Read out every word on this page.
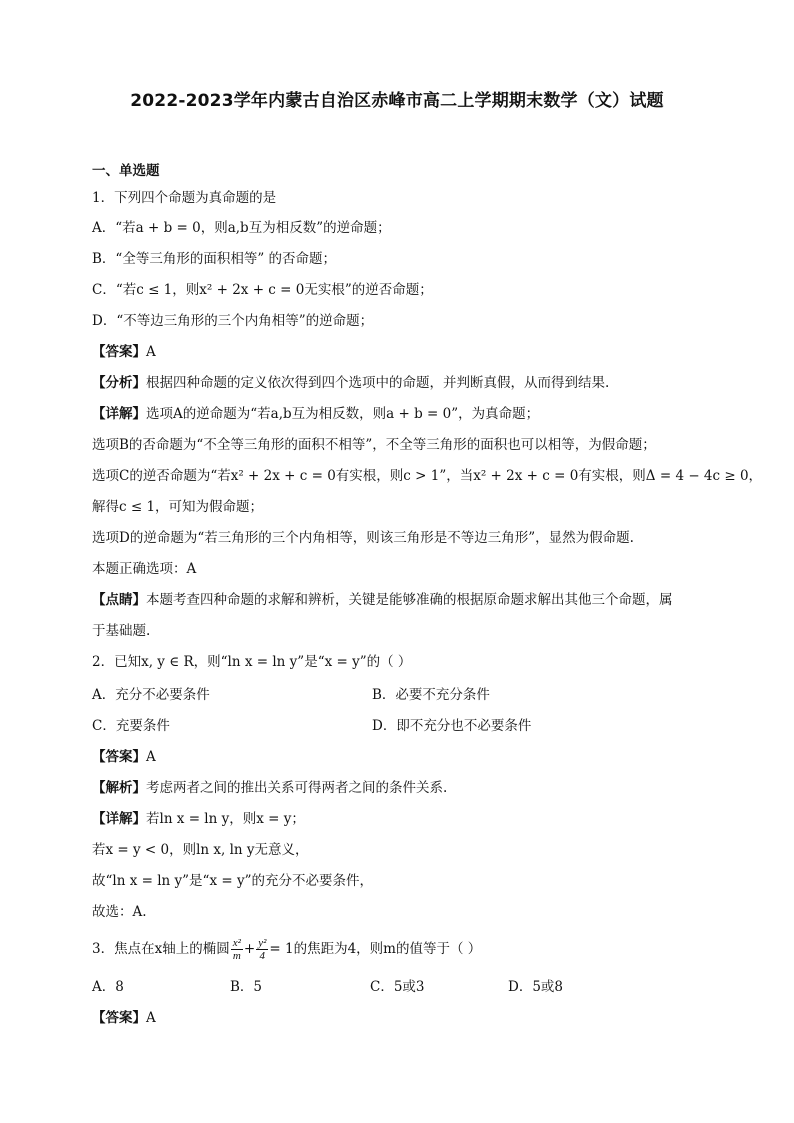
2022-2023学年内蒙古自治区赤峰市高二上学期期末数学（文）试题
一、单选题
1．下列四个命题为真命题的是
A．“若a + b = 0，则a,b互为相反数”的逆命题；
B．“全等三角形的面积相等” 的否命题；
C．“若c ≤ 1，则x² + 2x + c = 0无实根”的逆否命题；
D．“不等边三角形的三个内角相等”的逆命题；
【答案】A
【分析】根据四种命题的定义依次得到四个选项中的命题，并判断真假，从而得到结果.
【详解】选项A的逆命题为“若a,b互为相反数，则a + b = 0”，为真命题；
选项B的否命题为“不全等三角形的面积不相等”，不全等三角形的面积也可以相等，为假命题；
选项C的逆否命题为“若x² + 2x + c = 0有实根，则c > 1”，当x² + 2x + c = 0有实根，则Δ = 4 − 4c ≥ 0，
解得c ≤ 1，可知为假命题；
选项D的逆命题为“若三角形的三个内角相等，则该三角形是不等边三角形”，显然为假命题.
本题正确选项：A
【点睛】本题考查四种命题的求解和辨析，关键是能够准确的根据原命题求解出其他三个命题，属
于基础题.
2．已知x, y ∈ R，则“ln x = ln y”是“x = y”的（ ）
A．充分不必要条件	B．必要不充分条件
C．充要条件	D．即不充分也不必要条件
【答案】A
【解析】考虑两者之间的推出关系可得两者之间的条件关系.
【详解】若ln x = ln y，则x = y；
若x = y < 0，则ln x, ln y无意义，
故“ln x = ln y”是“x = y”的充分不必要条件，
故选：A.
3．焦点在x轴上的椭圆 $\frac{\text{x²}}{m} + \frac{\text{y²}}{4} = 1$的焦距为4，则m的值等于（ ）
A．8	B．5	C．5或3	D．5或8
【答案】A
